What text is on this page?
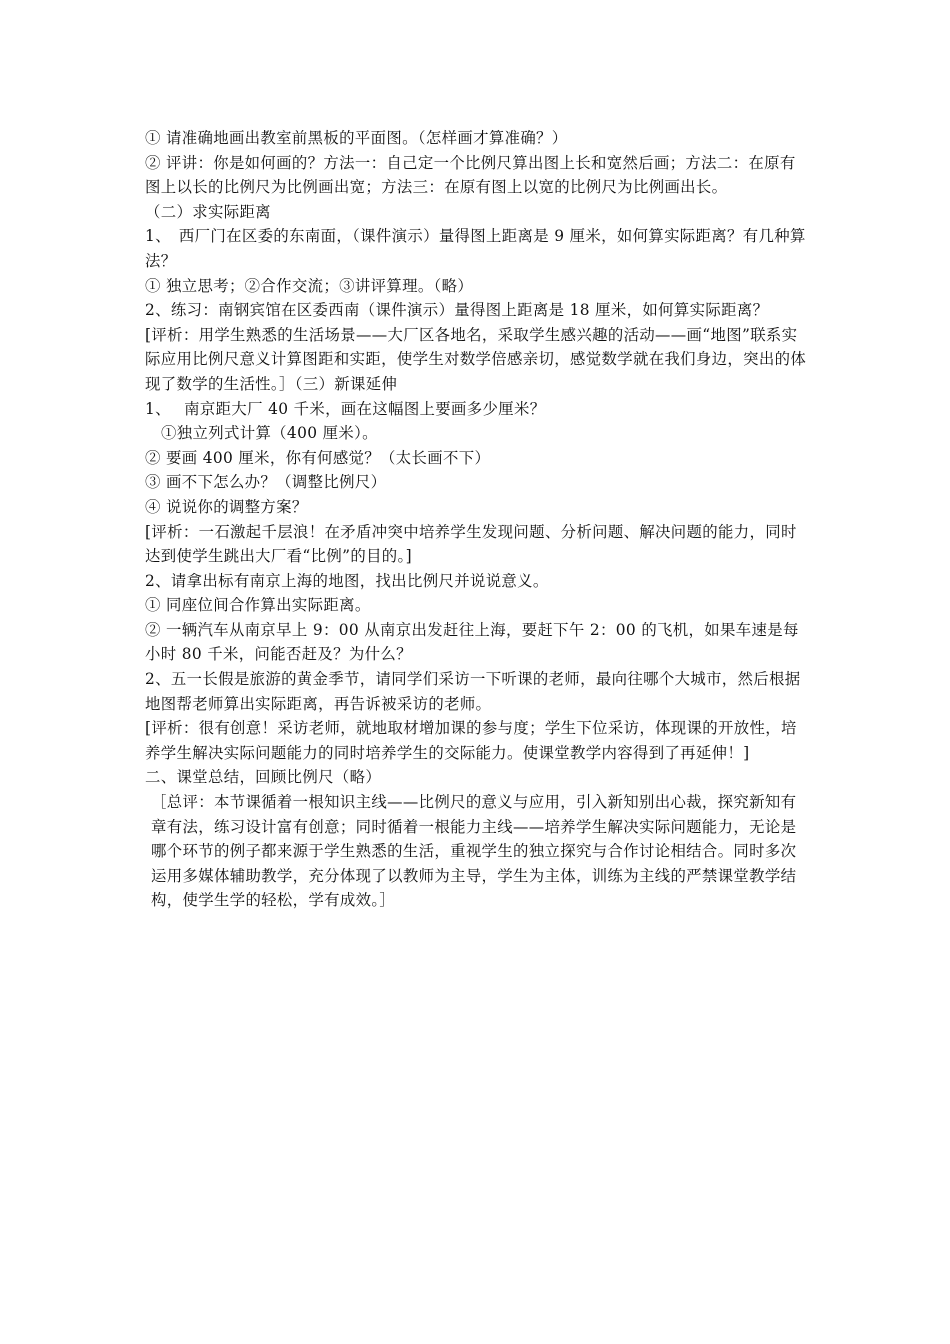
① 请准确地画出教室前黑板的平面图。（怎样画才算准确？）

② 评讲：你是如何画的？方法一：自己定一个比例尺算出图上长和宽然后画；方法二：在原有图上以长的比例尺为比例画出宽；方法三：在原有图上以宽的比例尺为比例画出长。

（二）求实际距离

1、　西厂门在区委的东南面，（课件演示）量得图上距离是 9 厘米，如何算实际距离？有几种算法？

① 独立思考；②合作交流；③讲评算理。（略）

2、练习：南钢宾馆在区委西南（课件演示）量得图上距离是 18 厘米，如何算实际距离？

[评析：用学生熟悉的生活场景——大厂区各地名，采取学生感兴趣的活动——画“地图”联系实际应用比例尺意义计算图距和实距，使学生对数学倍感亲切，感觉数学就在我们身边，突出的体现了数学的生活性。］（三）新课延伸

1、　 南京距大厂 40 千米，画在这幅图上要画多少厘米？

①独立列式计算（400 厘米）。

② 要画 400 厘米，你有何感觉？（太长画不下）

③ 画不下怎么办？（调整比例尺）

④ 说说你的调整方案？

[评析：一石激起千层浪！在矛盾冲突中培养学生发现问题、分析问题、解决问题的能力，同时达到使学生跳出大厂看“比例”的目的。]

2、请拿出标有南京上海的地图，找出比例尺并说说意义。

① 同座位间合作算出实际距离。

② 一辆汽车从南京早上 9：00 从南京出发赶往上海，要赶下午 2：00 的飞机，如果车速是每小时 80 千米，问能否赶及？为什么？

2、五一长假是旅游的黄金季节，请同学们采访一下听课的老师，最向往哪个大城市，然后根据地图帮老师算出实际距离，再告诉被采访的老师。

[评析：很有创意！采访老师，就地取材增加课的参与度；学生下位采访，体现课的开放性，培养学生解决实际问题能力的同时培养学生的交际能力。使课堂教学内容得到了再延伸！]

二、课堂总结，回顾比例尺（略）

［总评：本节课循着一根知识主线——比例尺的意义与应用，引入新知别出心裁，探究新知有章有法，练习设计富有创意；同时循着一根能力主线——培养学生解决实际问题能力，无论是哪个环节的例子都来源于学生熟悉的生活，重视学生的独立探究与合作讨论相结合。同时多次运用多媒体辅助教学，充分体现了以教师为主导，学生为主体，训练为主线的严禁课堂教学结构，使学生学的轻松，学有成效。］
